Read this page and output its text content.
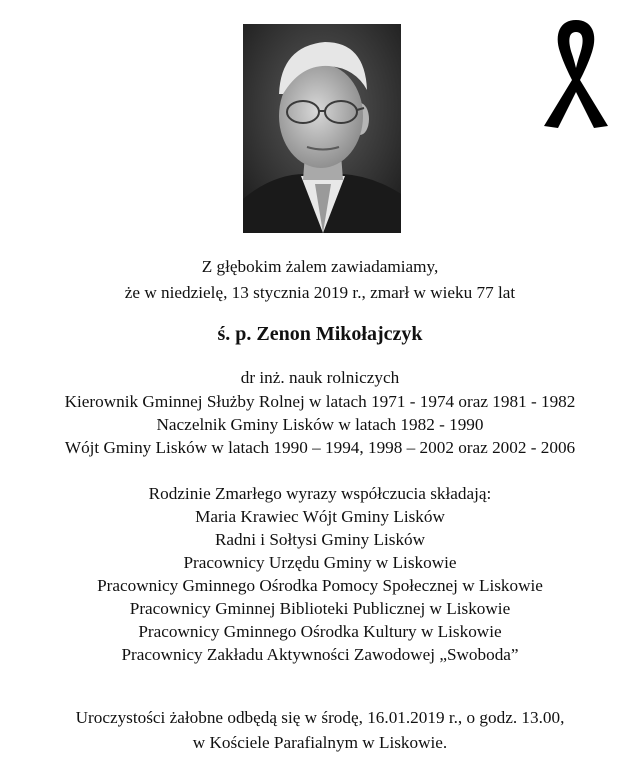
Z głębokim żalem zawiadamiamy,
że w niedzielę, 13 stycznia 2019 r., zmarł w wieku 77 lat
ś. p. Zenon Mikołajczyk
dr inż. nauk rolniczych
Kierownik Gminnej Służby Rolnej w latach 1971 - 1974 oraz 1981 - 1982
Naczelnik Gminy Lisków w latach 1982 - 1990
Wójt Gminy Lisków w latach 1990 – 1994, 1998 – 2002 oraz 2002 - 2006
Rodzinie Zmarłego wyrazy współczucia składają:
Maria Krawiec Wójt Gminy Lisków
Radni i Sołtysi Gminy Lisków
Pracownicy Urzędu Gminy w Liskowie
Pracownicy Gminnego Ośrodka Pomocy Społecznej w Liskowie
Pracownicy Gminnej Biblioteki Publicznej w Liskowie
Pracownicy Gminnego Ośrodka Kultury w Liskowie
Pracownicy Zakładu Aktywności Zawodowej „Swoboda”
Uroczystości żałobne odbędą się w środę, 16.01.2019 r., o godz. 13.00,
w Kościele Parafialnym w Liskowie.
